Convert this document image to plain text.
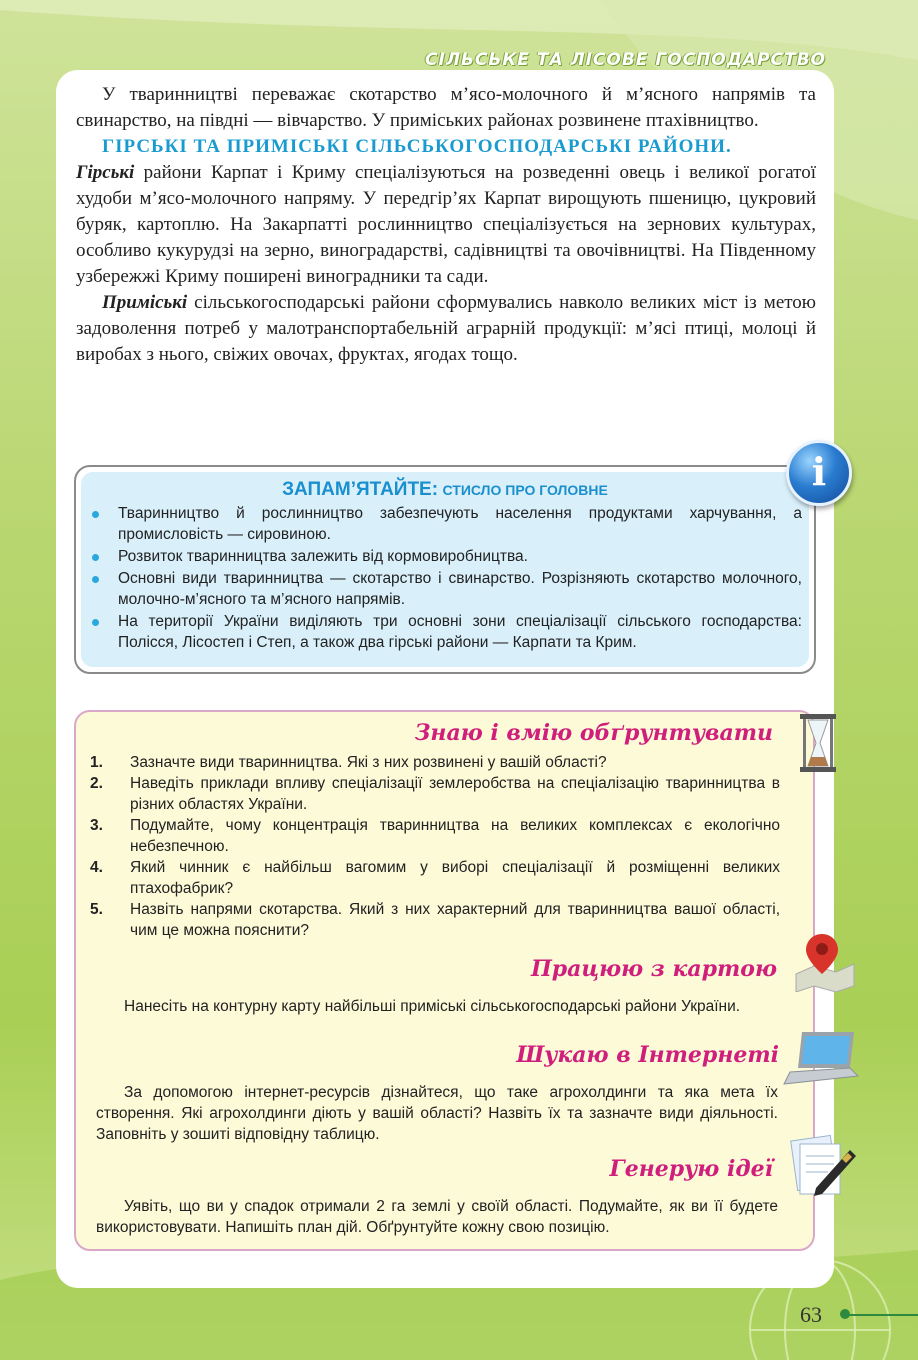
СІЛЬСЬКЕ ТА ЛІСОВЕ ГОСПОДАРСТВО

У тваринництві переважає скотарство м’ясо-молочного й м’ясного напрямів та свинарство, на півдні — вівчарство. У приміських районах розвинене птахівництво.

ГІРСЬКІ ТА ПРИМІСЬКІ СІЛЬСЬКОГОСПОДАРСЬКІ РАЙОНИ.
Гірські райони Карпат і Криму спеціалізуються на розведенні овець і великої рогатої худоби м’ясо-молочного напряму. У передгір’ях Карпат вирощують пшеницю, цукровий буряк, картоплю. На Закарпатті рослинництво спеціалізується на зернових культурах, особливо кукурудзі на зерно, виноградарстві, садівництві та овочівництві. На Південному узбережжі Криму поширені виноградники та сади.

Приміські сільськогосподарські райони сформувались навколо великих міст із метою задоволення потреб у малотранспортабельній аграрній продукції: м’ясі птиці, молоці й виробах з нього, свіжих овочах, фруктах, ягодах тощо.

ЗАПАМ’ЯТАЙТЕ: СТИСЛО ПРО ГОЛОВНЕ
Тваринництво й рослинництво забезпечують населення продуктами харчування, а промисловість — сировиною.
Розвиток тваринництва залежить від кормовиробництва.
Основні види тваринництва — скотарство і свинарство. Розрізняють скотарство молочного, молочно-м’ясного та м’ясного напрямів.
На території України виділяють три основні зони спеціалізації сільського господарства: Полісся, Лісостеп і Степ, а також два гірські райони — Карпати та Крим.
i
Знаю і вмію обґрунтувати
1. Зазначте види тваринництва. Які з них розвинені у вашій області?
2. Наведіть приклади впливу спеціалізації землеробства на спеціалізацію тваринництва в різних областях України.
3. Подумайте, чому концентрація тваринництва на великих комплексах є екологічно небезпечною.
4. Який чинник є найбільш вагомим у виборі спеціалізації й розміщенні великих птахофабрик?
5. Назвіть напрями скотарства. Який з них характерний для тваринництва вашої області, чим це можна пояснити?
Працюю з картою
Нанесіть на контурну карту найбільші приміські сільськогосподарські райони України.
Шукаю в Інтернеті
За допомогою інтернет-ресурсів дізнайтеся, що таке агрохолдинги та яка мета їх створення. Які агрохолдинги діють у вашій області? Назвіть їх та зазначте види діяльності. Заповніть у зошиті відповідну таблицю.
Генерую ідеї
Уявіть, що ви у спадок отримали 2 га землі у своїй області. Подумайте, як ви її будете використовувати. Напишіть план дій. Обґрунтуйте кожну свою позицію.
63
